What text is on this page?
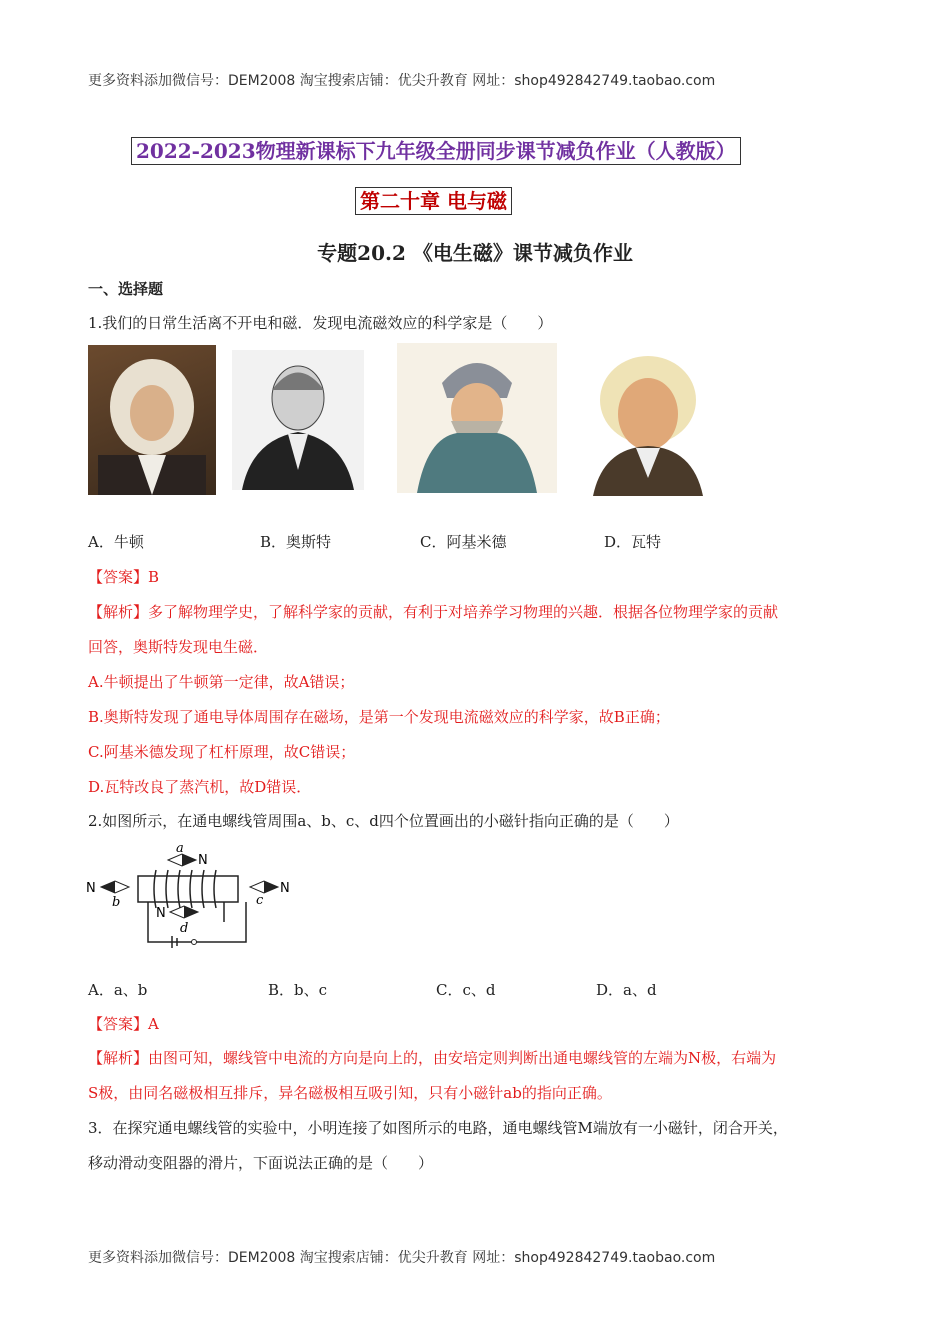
更多资料添加微信号：DEM2008 淘宝搜索店铺：优尖升教育 网址：shop492842749.taobao.com
2022-2023物理新课标下九年级全册同步课节减负作业（人教版）
第二十章 电与磁
专题20.2 《电生磁》课节减负作业
一、选择题
1.我们的日常生活离不开电和磁．发现电流磁效应的科学家是（　　）
A．牛顿	B．奥斯特	C．阿基米德	D．瓦特
【答案】B
【解析】多了解物理学史，了解科学家的贡献，有利于对培养学习物理的兴趣．根据各位物理学家的贡献
回答，奥斯特发现电生磁．
A.牛顿提出了牛顿第一定律，故A错误；
B.奥斯特发现了通电导体周围存在磁场，是第一个发现电流磁效应的科学家，故B正确；
C.阿基米德发现了杠杆原理，故C错误；
D.瓦特改良了蒸汽机，故D错误．
2.如图所示，在通电螺线管周围a、b、c、d四个位置画出的小磁针指向正确的是（　　）
N
a
N
b
N
c
N
d
A．a、b	B．b、c	C．c、d	D．a、d
【答案】A
【解析】由图可知，螺线管中电流的方向是向上的，由安培定则判断出通电螺线管的左端为N极，右端为
S极，由同名磁极相互排斥，异名磁极相互吸引知，只有小磁针ab的指向正确。
3．在探究通电螺线管的实验中，小明连接了如图所示的电路，通电螺线管M端放有一小磁针，闭合开关，
移动滑动变阻器的滑片，下面说法正确的是（　　）
更多资料添加微信号：DEM2008 淘宝搜索店铺：优尖升教育 网址：shop492842749.taobao.com
